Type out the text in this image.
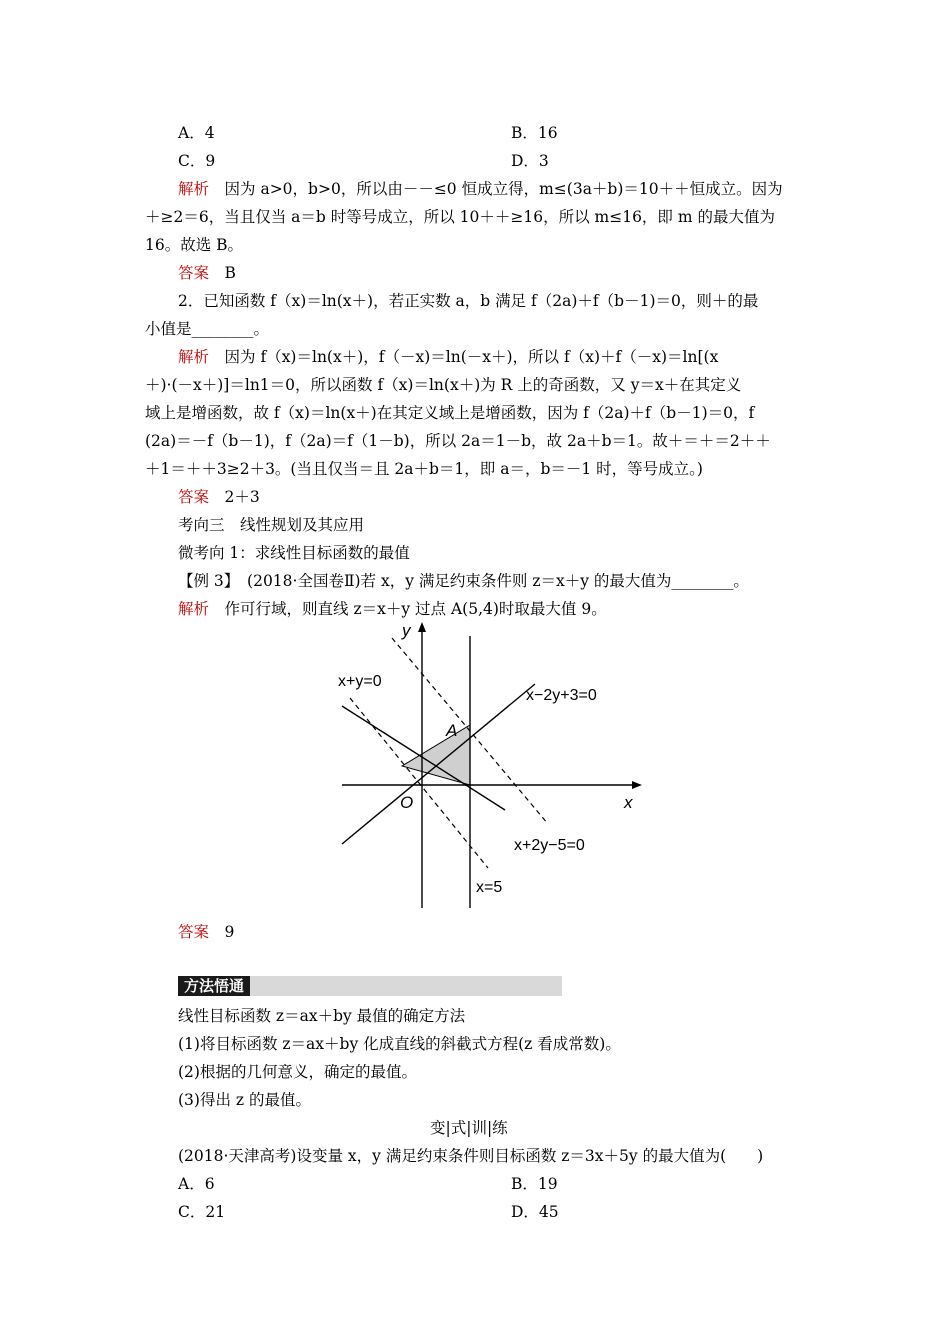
A．4	B．16
C．9	D．3
解析　 因为 a>0，b>0，所以由－－≤0 恒成立得，m≤(3a＋b)＝10＋＋恒成立。因为
＋≥2＝6，当且仅当 a＝b 时等号成立，所以 10＋＋≥16，所以 m≤16，即 m 的最大值为
16。故选 B。
答案　 B
2．已知函数 f（x)＝ln(x＋)，若正实数 a，b 满足 f（2a)＋f（b－1)＝0，则＋的最
小值是________。
解析　 因为 f（x)＝ln(x＋)，f（－x)＝ln(－x＋)，所以 f（x)＋f（－x)＝ln[(x
＋)·(－x＋)]＝ln1＝0，所以函数 f（x)＝ln(x＋)为 R 上的奇函数，又 y＝x＋在其定义
域上是增函数，故 f（x)＝ln(x＋)在其定义域上是增函数，因为 f（2a)＋f（b－1)＝0，f
(2a)＝－f（b－1)，f（2a)＝f（1－b)，所以 2a＝1－b，故 2a＋b＝1。故＋＝＋＝2＋＋
＋1＝＋＋3≥2＋3。(当且仅当＝且 2a＋b＝1，即 a＝，b＝－1 时，等号成立。)
答案　 2＋3
考向三　线性规划及其应用
微考向 1：求线性目标函数的最值
【例 3】　(2018·全国卷Ⅱ)若 x，y 满足约束条件则 z＝x＋y 的最大值为________。
解析　 作可行域，则直线 z＝x＋y 过点 A(5,4)时取最大值 9。
y
x
O
A
x+y=0
x−2y+3=0
x+2y−5=0
x=5
答案　 9
方法悟通
线性目标函数 z＝ax＋by 最值的确定方法
(1)将目标函数 z＝ax＋by 化成直线的斜截式方程(z 看成常数)。
(2)根据的几何意义，确定的最值。
(3)得出 z 的最值。
变|式|训|练
(2018·天津高考)设变量 x，y 满足约束条件则目标函数 z＝3x＋5y 的最大值为(　　)
A．6	B．19
C．21	D．45
